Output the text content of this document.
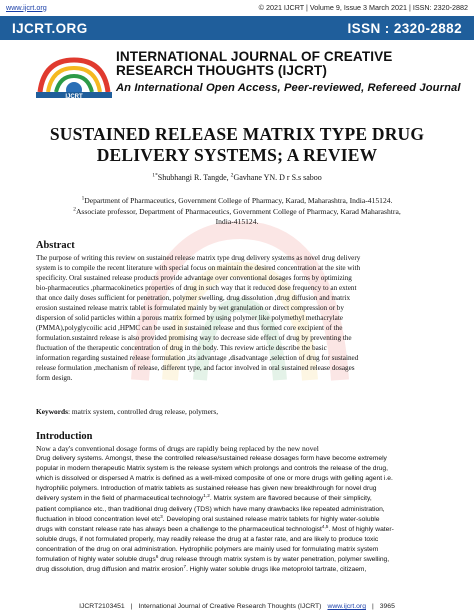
www.ijcrt.org	© 2021 IJCRT | Volume 9, Issue 3 March 2021 | ISSN: 2320-2882
IJCRT.ORG	ISSN : 2320-2882
IJCRT
INTERNATIONAL JOURNAL OF CREATIVE
RESEARCH THOUGHTS (IJCRT)
An International Open Access, Peer-reviewed, Refereed Journal
SUSTAINED RELEASE MATRIX TYPE DRUG
DELIVERY SYSTEMS; A REVIEW
$^{1*}$Shubhangi R. Tangde, $^2$Gavhane YN. D r S.s saboo
$^1$Department of Pharmaceutics, Government College of Pharmacy, Karad, Maharashtra, India-415124.
$^2$Associate professor, Department of Pharmaceutics, Government College of Pharmacy, Karad Maharashtra,
India-415124.
Abstract
The purpose of writing this review on sustained release matrix type drug delivery systems as novel drug delivery
system is to compile the recent literature with special focus on maintain the desired concentration at the site with
specificity. Oral sustained release products provide advantage over conventional dosages forms by optimizing
bio-pharmaceutics ,pharmacokinetics properties of drug in such way that it reduced dose frequency to an extent
that once daily doses sufficient for penetration, polymer swelling, drug dissolution ,drug diffusion and matrix
erosion sustained release matrix tablet is formulated mainly by wet granulation or direct compression or by
dispersion of solid particles within a porous matrix formed by using polymer like polymethyl methacrylate
(PMMA),polyglycoilic acid ,HPMC can be used in sustained release and thus formed core excipient of the
formulation.sustainrd release is also provided promising way to decrease side effect of drug by preventing the
fluctuation of the therapeutic concentration of drug in the body. This review article describe the basic
information regarding sustained release formulation ,its advantage ,disadvantage ,selection of drug for sustained
release formulation ,mechanism of release, different type, and factor involved in oral sustained release dosages
form design.
Keywords: matrix system, controlled drug release, polymers,
Introduction
Now a day's conventional dosage forms of drugs are rapidly being replaced by the new novel
Drug delivery systems. Amongst, these the controlled release/sustained release dosages form have become extremely
popular in modern therapeutic Matrix system is the release system which prolongs and controls the release of the drug,
which is dissolved or dispersed A matrix is defined as a well-mixed composite of one or more drugs with gelling agent i.e.
hydrophilic polymers. Introduction of matrix tablets as sustained release has given new breakthrough for novel drug
delivery system in the field of pharmaceutical technology$^{1,2}$. Matrix system are flavored because of their simplicity,
patient compliance etc., than traditional drug delivery (TDS) which have many drawbacks like repeated administration,
fluctuation in blood concentration level etc$^3$. Developing oral sustained release matrix tablets for highly water-soluble
drugs with constant release rate has always been a challenge to the pharmaceutical technologist$^{4,5}$. Most of highly water-
soluble drugs, if not formulated properly, may readily release the drug at a faster rate, and are likely to produce toxic
concentration of the drug on oral administration. Hydrophilic polymers are mainly used for formulating matrix system
formulation of highly water soluble drugs$^6$ drug release through matrix system is by water penetration, polymer swelling,
drug dissolution, drug diffusion and matrix erosion$^7$. Highly water soluble drugs like metoprolol tartrate, citizaem,
IJCRT2103451 | International Journal of Creative Research Thoughts (IJCRT) www.ijcrt.org | 3965
